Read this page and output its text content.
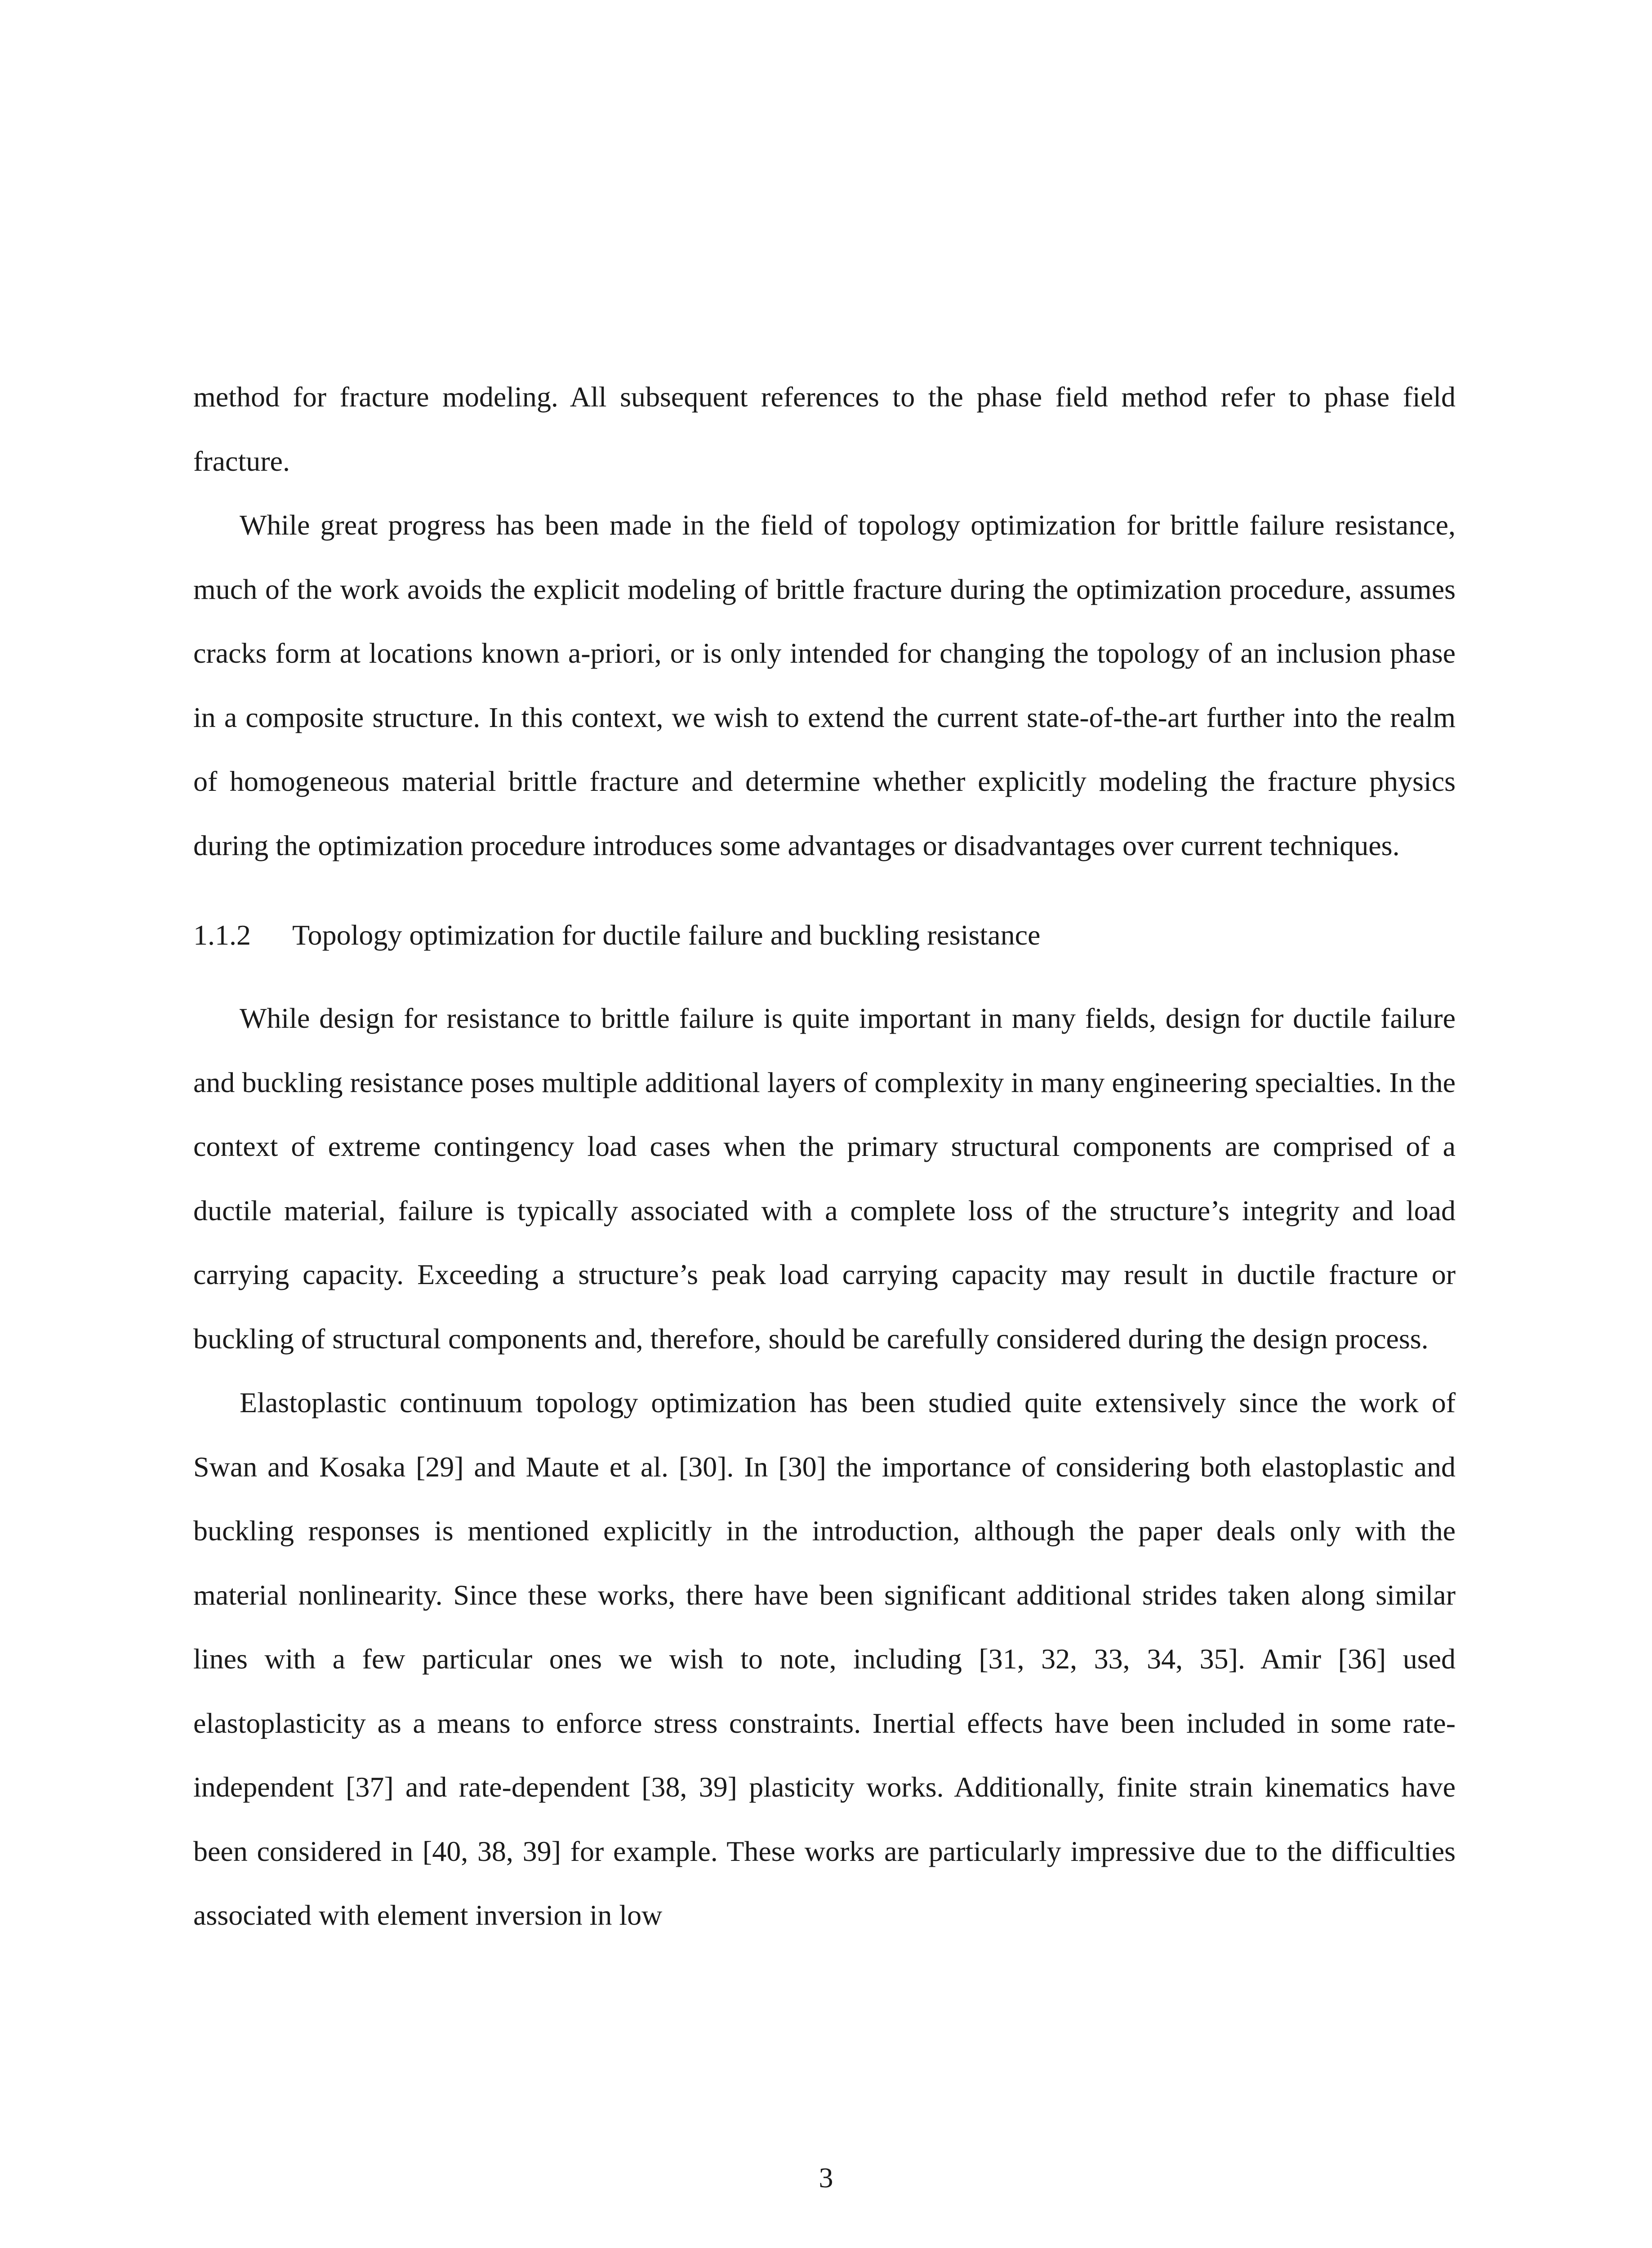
method for fracture modeling. All subsequent references to the phase field method refer to phase field fracture.

While great progress has been made in the field of topology optimization for brittle failure resistance, much of the work avoids the explicit modeling of brittle fracture during the optimization procedure, assumes cracks form at locations known a-priori, or is only intended for changing the topology of an inclusion phase in a composite structure. In this context, we wish to extend the current state-of-the-art further into the realm of homogeneous material brittle fracture and determine whether explicitly modeling the fracture physics during the optimization procedure introduces some advantages or disadvantages over current techniques.

1.1.2 Topology optimization for ductile failure and buckling resistance

While design for resistance to brittle failure is quite important in many fields, design for ductile failure and buckling resistance poses multiple additional layers of complexity in many engineering specialties. In the context of extreme contingency load cases when the primary structural components are comprised of a ductile material, failure is typically associated with a complete loss of the structure’s integrity and load carrying capacity. Exceeding a structure’s peak load carrying capacity may result in ductile fracture or buckling of structural components and, therefore, should be carefully considered during the design process.

Elastoplastic continuum topology optimization has been studied quite extensively since the work of Swan and Kosaka [29] and Maute et al. [30]. In [30] the importance of considering both elastoplastic and buckling responses is mentioned explicitly in the introduction, although the paper deals only with the material nonlinearity. Since these works, there have been significant additional strides taken along similar lines with a few particular ones we wish to note, including [31, 32, 33, 34, 35]. Amir [36] used elastoplasticity as a means to enforce stress constraints. Inertial effects have been included in some rate-independent [37] and rate-dependent [38, 39] plasticity works. Additionally, finite strain kinematics have been considered in [40, 38, 39] for example. These works are particularly impressive due to the difficulties associated with element inversion in low

3
